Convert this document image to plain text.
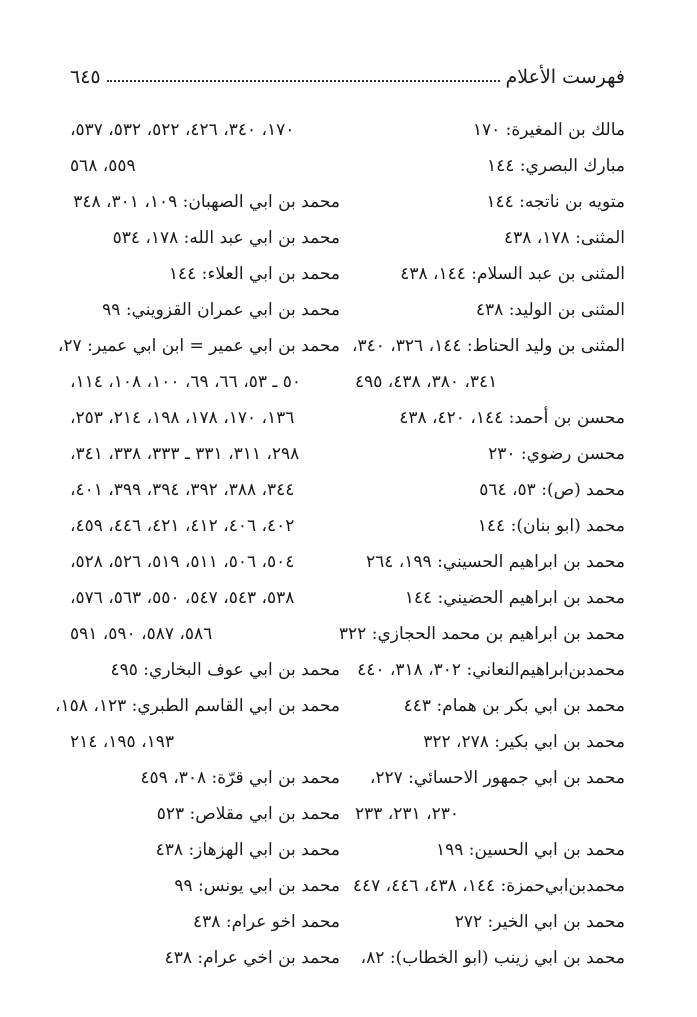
فهرست الأعلام
٦٤٥
مالك بن المغيرة: ١٧٠
مبارك البصري: ١٤٤
متويه بن ناتجه: ١٤٤
المثنى: ١٧٨، ٤٣٨
المثنى بن عبد السلام: ١٤٤، ٤٣٨
المثنى بن الوليد: ٤٣٨
المثنى بن وليد الحناط: ١٤٤، ٣٢٦، ٣٤٠،
٣٤١، ٣٨٠، ٤٣٨، ٤٩٥
محسن بن أحمد: ١٤٤، ٤٢٠، ٤٣٨
محسن رضوي: ٢٣٠
محمد (ص): ٥٣، ٥٦٤
محمد (ابو بنان): ١٤٤
محمد بن ابراهيم الحسيني: ١٩٩، ٢٦٤
محمد بن ابراهيم الحضيني: ١٤٤
محمد بن ابراهيم بن محمد الحجازي: ٣٢٢
محمدبن‌ابراهيم‌النعاني: ٣٠٢، ٣١٨، ٤٤٠
محمد بن ابي بكر بن همام: ٤٤٣
محمد بن ابي بكير: ٢٧٨، ٣٢٢
محمد بن ابي جمهور الاحسائي: ٢٢٧،
٢٣٠، ٢٣١، ٢٣٣
محمد بن ابي الحسين: ١٩٩
محمدبن‌ابي‌حمزة: ١٤٤، ٤٣٨، ٤٤٦، ٤٤٧
محمد بن ابي الخير: ٢٧٢
محمد بن ابي زينب (ابو الخطاب): ٨٢،
١٧٠، ٣٤٠، ٤٢٦، ٥٢٢، ٥٣٢، ٥٣٧،
٥٥٩، ٥٦٨
محمد بن ابي الصهبان: ١٠٩، ٣٠١، ٣٤٨
محمد بن ابي عبد الله: ١٧٨، ٥٣٤
محمد بن ابي العلاء: ١٤٤
محمد بن ابي عمران القزويني: ٩٩
محمد بن ابي عمير = ابن ابي عمير: ٢٧،
٥٠ ـ ٥٣، ٦٦، ٦٩، ١٠٠، ١٠٨، ١١٤،
١٣٦، ١٧٠، ١٧٨، ١٩٨، ٢١٤، ٢٥٣،
٢٩٨، ٣١١، ٣٣١ ـ ٣٣٣، ٣٣٨، ٣٤١،
٣٤٤، ٣٨٨، ٣٩٢، ٣٩٤، ٣٩٩، ٤٠١،
٤٠٢، ٤٠٦، ٤١٢، ٤٢١، ٤٤٦، ٤٥٩،
٥٠٤، ٥٠٦، ٥١١، ٥١٩، ٥٢٦، ٥٢٨،
٥٣٨، ٥٤٣، ٥٤٧، ٥٥٠، ٥٦٣، ٥٧٦،
٥٨٦، ٥٨٧، ٥٩٠، ٥٩١
محمد بن ابي عوف البخاري: ٤٩٥
محمد بن ابي القاسم الطبري: ١٢٣، ١٥٨،
١٩٣، ١٩٥، ٢١٤
محمد بن ابي قرّة: ٣٠٨، ٤٥٩
محمد بن ابي مقلاص: ٥٢٣
محمد بن ابي الهزهاز: ٤٣٨
محمد بن ابي يونس: ٩٩
محمد اخو عرام: ٤٣٨
محمد بن اخي عرام: ٤٣٨
